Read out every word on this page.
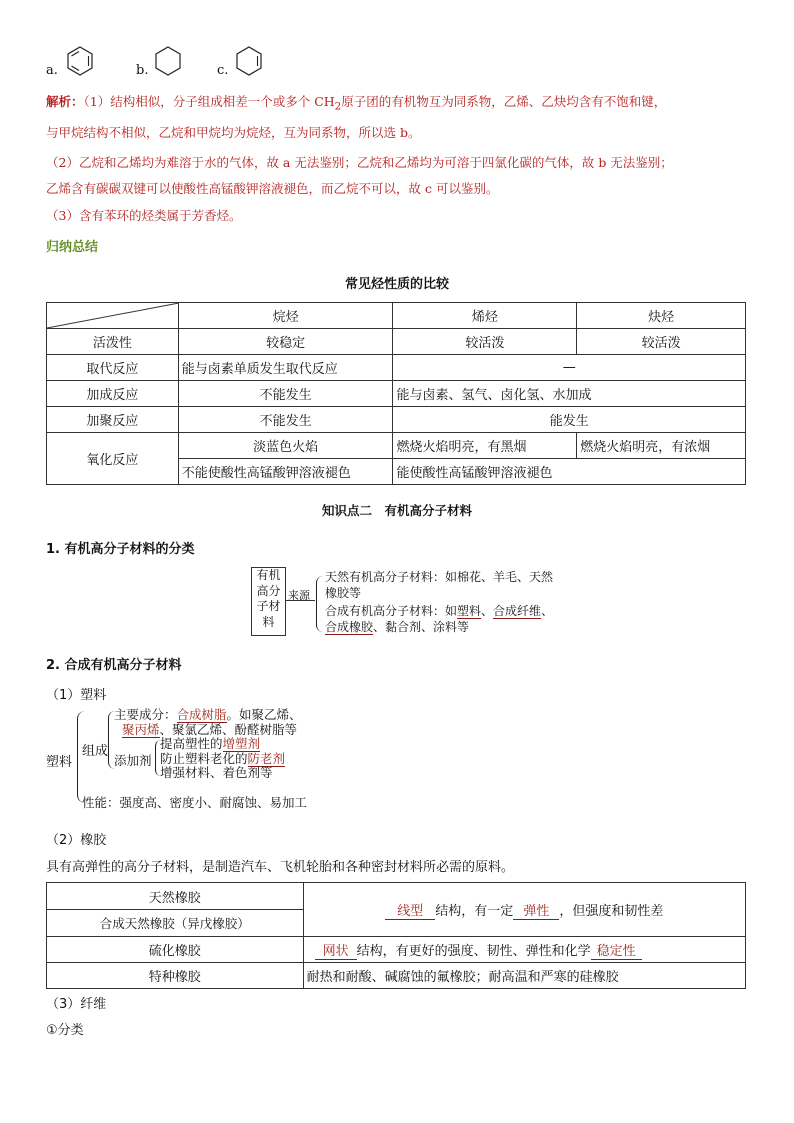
a.	b.	c.
解析：（1）结构相似，分子组成相差一个或多个 $CH_2$原子团的有机物互为同系物，乙烯、乙炔均含有不饱和键，
与甲烷结构不相似，乙烷和甲烷均为烷烃，互为同系物，所以选 b。
（2）乙烷和乙烯均为难溶于水的气体，故 a 无法鉴别；乙烷和乙烯均为可溶于四氯化碳的气体，故 b 无法鉴别；
乙烯含有碳碳双键可以使酸性高锰酸钾溶液褪色，而乙烷不可以，故 c 可以鉴别。
（3）含有苯环的烃类属于芳香烃。
归纳总结
常见烃性质的比较
	烷烃	烯烃	炔烃
活泼性	较稳定	较活泼	较活泼
取代反应	能与卤素单质发生取代反应	—	
加成反应	不能发生	能与卤素、氢气、卤化氢、水加成	
加聚反应	不能发生	能发生	
氧化反应	淡蓝色火焰	燃烧火焰明亮，有黑烟	燃烧火焰明亮，有浓烟
	不能使酸性高锰酸钾溶液褪色	能使酸性高锰酸钾溶液褪色	
知识点二　有机高分子材料
1. 有机高分子材料的分类
有机
高分
子材
料
来源
天然有机高分子材料：如棉花、羊毛、天然
橡胶等
合成有机高分子材料：如塑料、合成纤维、
合成橡胶、黏合剂、涂料等
2. 合成有机高分子材料
（1）塑料
塑料
组成
主要成分：合成树脂。如聚乙烯、
聚丙烯、聚氯乙烯、酚醛树脂等
添加剂
提高塑性的增塑剂
防止塑料老化的防老剂
增强材料、着色剂等
性能：强度高、密度小、耐腐蚀、易加工
（2）橡胶
具有高弹性的高分子材料，是制造汽车、飞机轮胎和各种密封材料所必需的原料。
天然橡胶	线型 结构，有一定 弹性 ，但强度和韧性差
合成天然橡胶（异戊橡胶）	
硫化橡胶	网状 结构，有更好的强度、韧性、弹性和化学 稳定性
特种橡胶	耐热和耐酸、碱腐蚀的氟橡胶；耐高温和严寒的硅橡胶
（3）纤维
①分类
